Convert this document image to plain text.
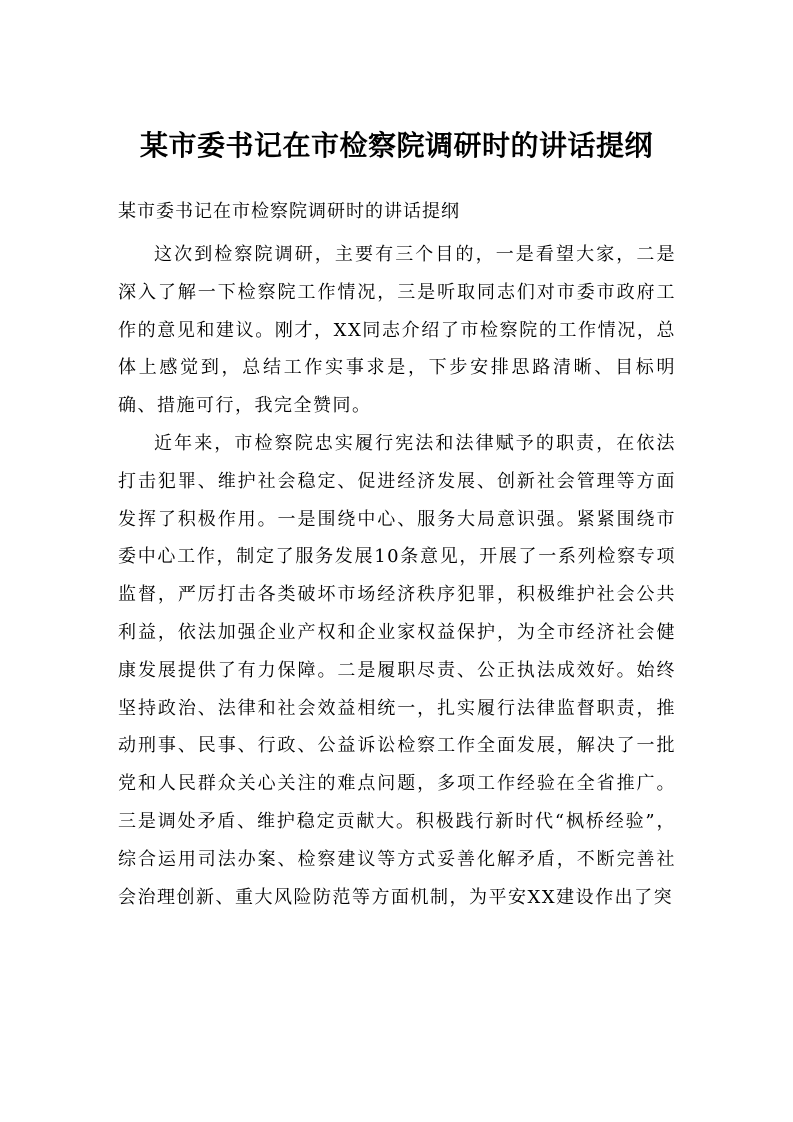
某市委书记在市检察院调研时的讲话提纲

某市委书记在市检察院调研时的讲话提纲

这次到检察院调研，主要有三个目的，一是看望大家，二是深入了解一下检察院工作情况，三是听取同志们对市委市政府工作的意见和建议。刚才，XX同志介绍了市检察院的工作情况，总体上感觉到，总结工作实事求是，下步安排思路清晰、目标明确、措施可行，我完全赞同。

近年来，市检察院忠实履行宪法和法律赋予的职责，在依法打击犯罪、维护社会稳定、促进经济发展、创新社会管理等方面发挥了积极作用。一是围绕中心、服务大局意识强。紧紧围绕市委中心工作，制定了服务发展10条意见，开展了一系列检察专项监督，严厉打击各类破坏市场经济秩序犯罪，积极维护社会公共利益，依法加强企业产权和企业家权益保护，为全市经济社会健康发展提供了有力保障。二是履职尽责、公正执法成效好。始终坚持政治、法律和社会效益相统一，扎实履行法律监督职责，推动刑事、民事、行政、公益诉讼检察工作全面发展，解决了一批党和人民群众关心关注的难点问题，多项工作经验在全省推广。三是调处矛盾、维护稳定贡献大。积极践行新时代“枫桥经验”，综合运用司法办案、检察建议等方式妥善化解矛盾，不断完善社会治理创新、重大风险防范等方面机制，为平安XX建设作出了突
